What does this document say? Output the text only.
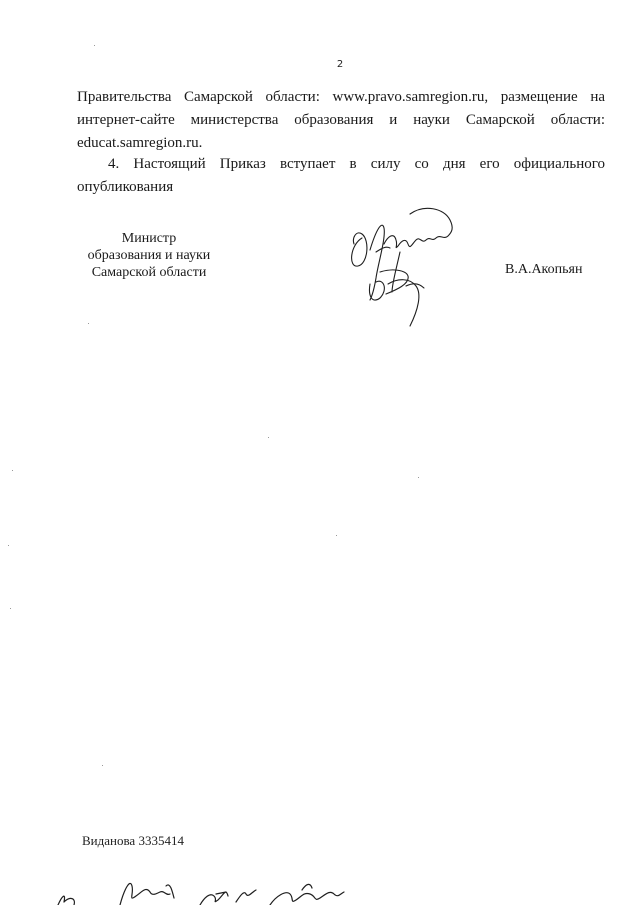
2
Правительства Самарской области: www.pravo.samregion.ru, размещение на
интернет-сайте министерства образования и науки Самарской области:
educat.samregion.ru.
4. Настоящий Приказ вступает в силу со дня его официального
опубликования
Министр
образования и науки
Самарской области	В.А.Акопьян
Виданова 3335414
